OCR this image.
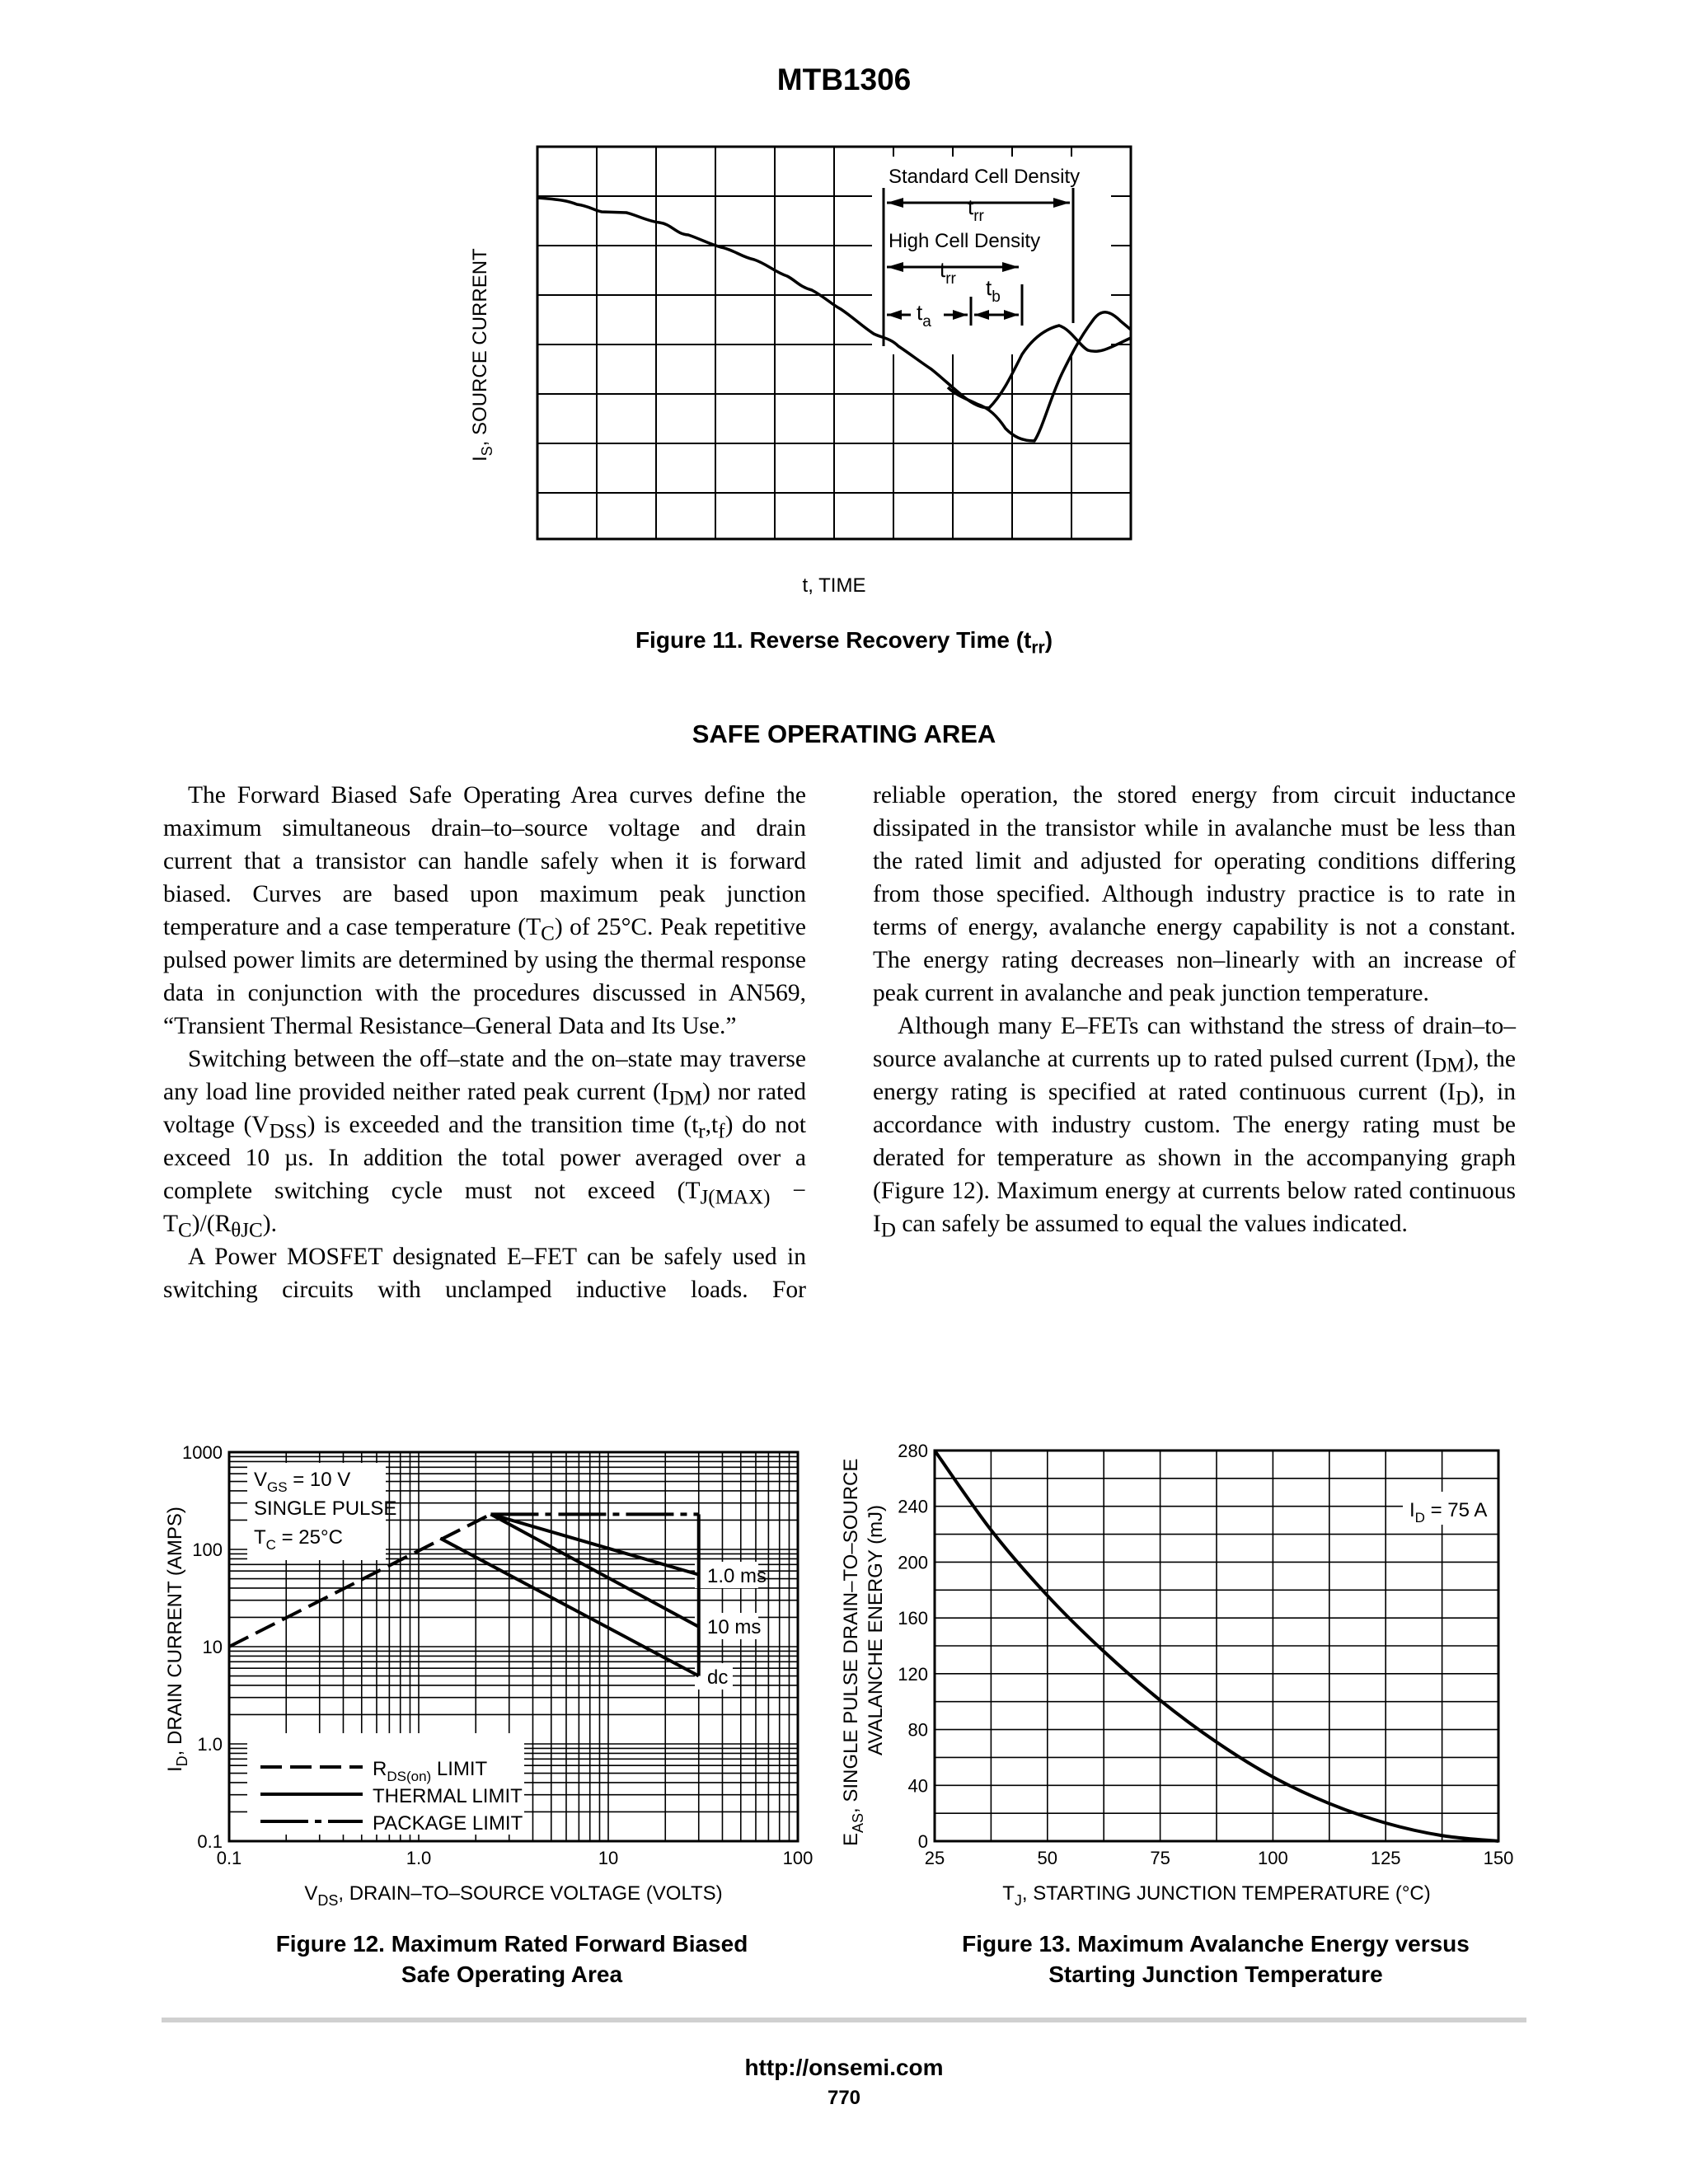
MTB1306
Standard Cell Density
$t_{rr}$
High Cell Density
$t_{rr}$
$t_a$
$t_b$
$I_S$, SOURCE CURRENT
t, TIME
Figure 11. Reverse Recovery Time $(t_{rr})$
SAFE OPERATING AREA

The Forward Biased Safe Operating Area curves define the maximum simultaneous drain–to–source voltage and drain current that a transistor can handle safely when it is forward biased. Curves are based upon maximum peak junction temperature and a case temperature $(T_C)$ of 25°C. Peak repetitive pulsed power limits are determined by using the thermal response data in conjunction with the procedures discussed in AN569, “Transient Thermal Resistance–General Data and Its Use.”

Switching between the off–state and the on–state may traverse any load line provided neither rated peak current $(I_{DM})$ nor rated voltage $(V_{DSS})$ is exceeded and the transition time $(t_r,t_f)$ do not exceed 10 µs. In addition the total power averaged over a complete switching cycle must not exceed $(T_{J(MAX)} - T_C)/(R_{\theta JC})$.

A Power MOSFET designated E–FET can be safely used in switching circuits with unclamped inductive loads. For

reliable operation, the stored energy from circuit inductance dissipated in the transistor while in avalanche must be less than the rated limit and adjusted for operating conditions differing from those specified. Although industry practice is to rate in terms of energy, avalanche energy capability is not a constant. The energy rating decreases non–linearly with an increase of peak current in avalanche and peak junction temperature.

Although many E–FETs can withstand the stress of drain–to–source avalanche at currents up to rated pulsed current $(I_{DM})$, the energy rating is specified at rated continuous current $(I_D)$, in accordance with industry custom. The energy rating must be derated for temperature as shown in the accompanying graph (Figure 12). Maximum energy at currents below rated continuous $I_D$ can safely be assumed to equal the values indicated.

0.1	1.0	10	100
0.1
1.0
10
100
1000
$V_{GS} = 10$ V
SINGLE PULSE
$T_C = 25^\circ C$
1.0 ms
10 ms
dc
$R_{DS(on)}$ LIMIT
THERMAL LIMIT
PACKAGE LIMIT
$I_D$, DRAIN CURRENT (AMPS)
$V_{DS}$, DRAIN–TO–SOURCE VOLTAGE (VOLTS)
Figure 12. Maximum Rated Forward Biased
Safe Operating Area
25	50	75	100	125	150
0
40
80
120
160
200
240
280
$I_D = 75$ A
$E_{AS}$, SINGLE PULSE DRAIN–TO–SOURCE AVALANCHE ENERGY (mJ)
$T_J$, STARTING JUNCTION TEMPERATURE (°C)
Figure 13. Maximum Avalanche Energy versus
Starting Junction Temperature
http://onsemi.com
770
